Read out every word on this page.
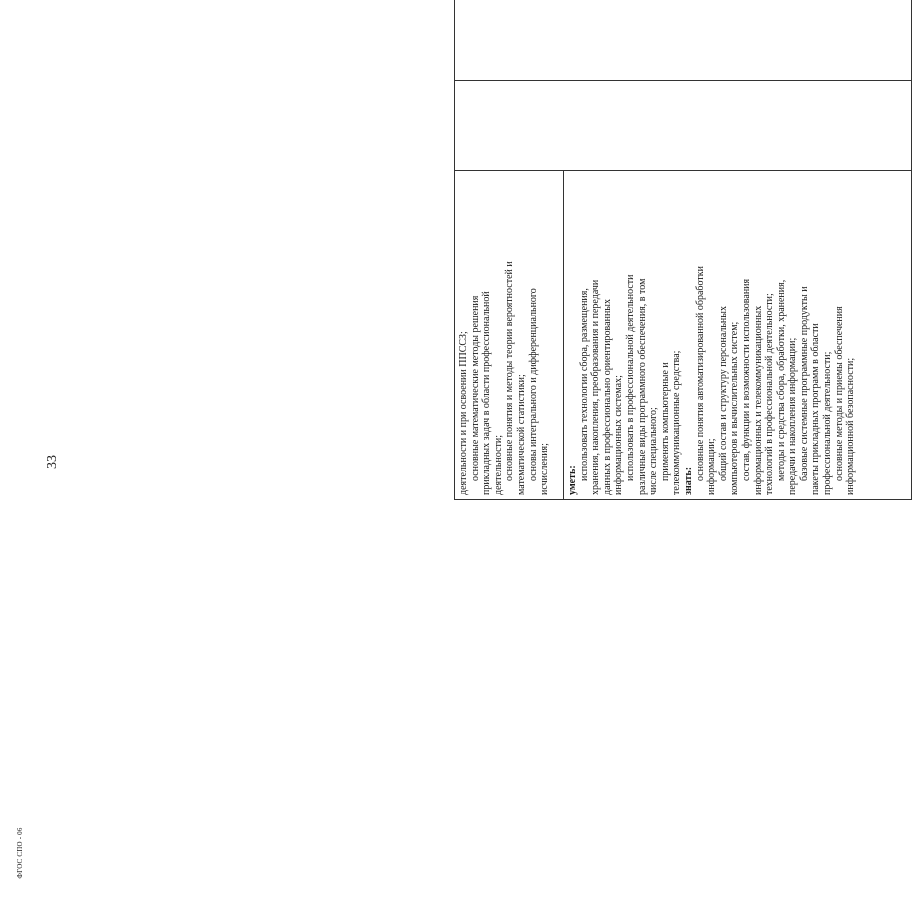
33
ФГОС СПО - 06
деятельности и при освоении ППССЗ; основные математические методы решения прикладных задач в области профессиональной деятельности; основные понятия и методы теории вероятностей и математической статистики; основы интегрального и дифференциального исчисления; уметь: использовать технологии сбора, размещения, хранения, накопления, преобразования и передачи данных в профессионально ориентированных информационных системах; использовать в профессиональной деятельности различные виды программного обеспечения, в том числе специального; применять компьютерные и телекоммуникационные средства; знать: основные понятия автоматизированной обработки информации; общий состав и структуру персональных компьютеров и вычислительных систем; состав, функции и возможности использования информационных и телекоммуникационных технологий в профессиональной деятельности; методы и средства сбора, обработки, хранения, передачи и накопления информации; базовые системные программные продукты и пакеты прикладных программ в области профессиональной деятельности; основные методы и приемы обеспечения информационной безопасности;
